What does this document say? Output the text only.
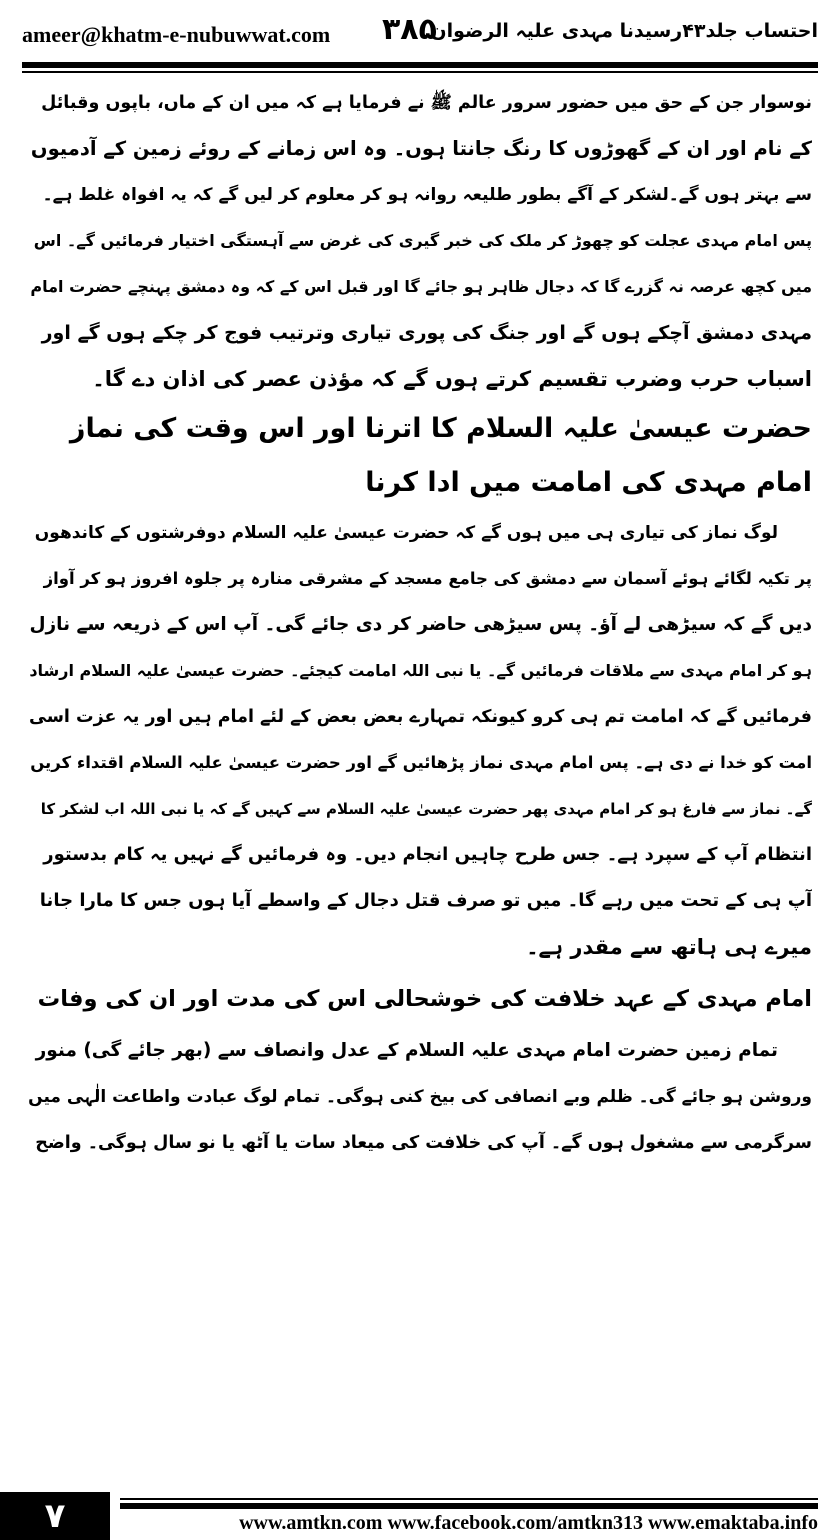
ameer@khatm-e-nubuwwat.com ۳۸۵
احتساب جلد۴۳رسیدنا مہدی علیہ الرضوان
نوسوار جن کے حق میں حضور سرور عالم ﷺ نے فرمایا ہے کہ میں ان کے ماں، باپوں وقبائل
کے نام اور ان کے گھوڑوں کا رنگ جانتا ہوں۔ وہ اس زمانے کے روئے زمین کے آدمیوں
سے بہتر ہوں گے۔لشکر کے آگے بطور طلیعہ روانہ ہو کر معلوم کر لیں گے کہ یہ افواہ غلط ہے۔
پس امام مہدی عجلت کو چھوڑ کر ملک کی خبر گیری کی غرض سے آہستگی اختیار فرمائیں گے۔ اس
میں کچھ عرصہ نہ گزرے گا کہ دجال ظاہر ہو جائے گا اور قبل اس کے کہ وہ دمشق پہنچے حضرت امام
مہدی دمشق آچکے ہوں گے اور جنگ کی پوری تیاری وترتیب فوج کر چکے ہوں گے اور
اسباب حرب وضرب تقسیم کرتے ہوں گے کہ مؤذن عصر کی اذان دے گا۔
حضرت عیسیٰ علیہ السلام کا اترنا اور اس وقت کی نماز
امام مہدی کی امامت میں ادا کرنا
لوگ نماز کی تیاری ہی میں ہوں گے کہ حضرت عیسیٰ علیہ السلام دوفرشتوں کے کاندھوں
پر تکیہ لگائے ہوئے آسمان سے دمشق کی جامع مسجد کے مشرقی منارہ پر جلوہ افروز ہو کر آواز
دیں گے کہ سیڑھی لے آؤ۔ پس سیڑھی حاضر کر دی جائے گی۔ آپ اس کے ذریعہ سے نازل
ہو کر امام مہدی سے ملاقات فرمائیں گے۔ یا نبی اللہ امامت کیجئے۔ حضرت عیسیٰ علیہ السلام ارشاد
فرمائیں گے کہ امامت تم ہی کرو کیونکہ تمہارے بعض بعض کے لئے امام ہیں اور یہ عزت اسی
امت کو خدا نے دی ہے۔ پس امام مہدی نماز پڑھائیں گے اور حضرت عیسیٰ علیہ السلام اقتداء کریں
گے۔ نماز سے فارغ ہو کر امام مہدی پھر حضرت عیسیٰ علیہ السلام سے کہیں گے کہ یا نبی اللہ اب لشکر کا
انتظام آپ کے سپرد ہے۔ جس طرح چاہیں انجام دیں۔ وہ فرمائیں گے نہیں یہ کام بدستور
آپ ہی کے تحت میں رہے گا۔ میں تو صرف قتل دجال کے واسطے آیا ہوں جس کا مارا جانا
میرے ہی ہاتھ سے مقدر ہے۔
امام مہدی کے عہد خلافت کی خوشحالی اس کی مدت اور ان کی وفات
تمام زمین حضرت امام مہدی علیہ السلام کے عدل وانصاف سے (بھر جائے گی) منور
وروشن ہو جائے گی۔ ظلم وبے انصافی کی بیخ کنی ہوگی۔ تمام لوگ عبادت واطاعت الٰہی میں
سرگرمی سے مشغول ہوں گے۔ آپ کی خلافت کی میعاد سات یا آٹھ یا نو سال ہوگی۔ واضح
۷	www.amtkn.com www.facebook.com/amtkn313 www.emaktaba.info
